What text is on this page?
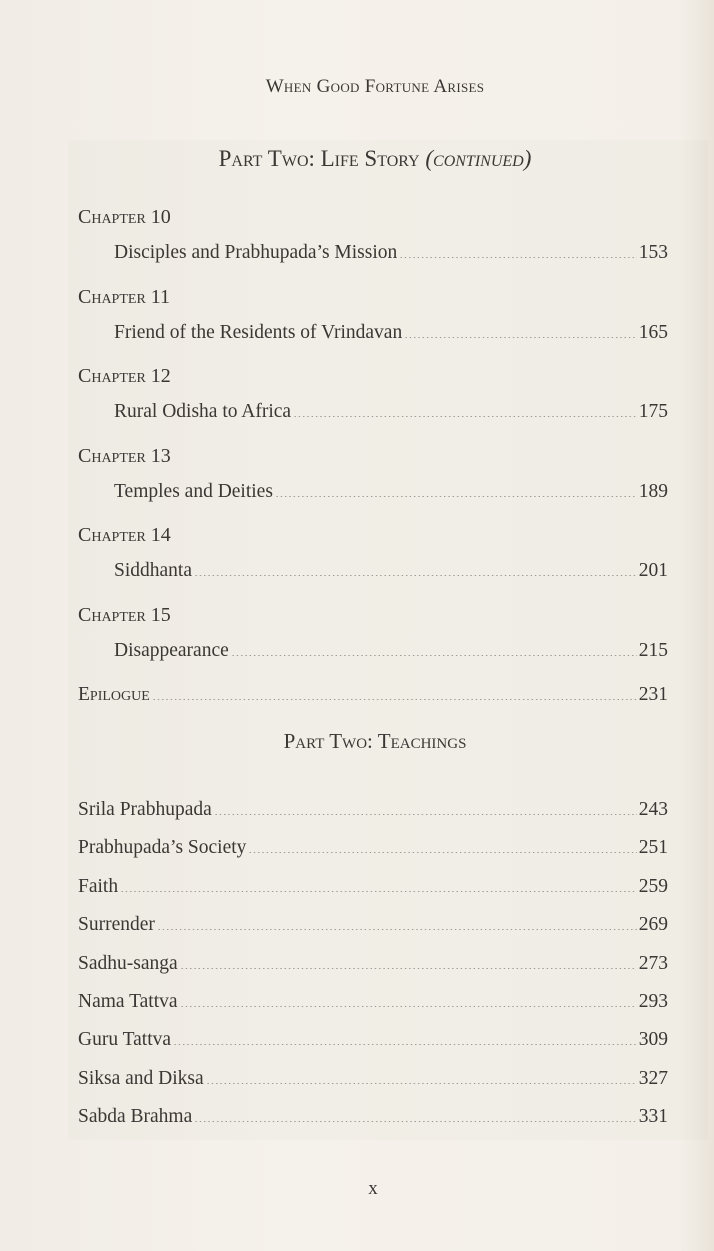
When Good Fortune Arises
Part Two: Life Story (continued)
Chapter 10
Disciples and Prabhupada’s Mission	153
Chapter 11
Friend of the Residents of Vrindavan	165
Chapter 12
Rural Odisha to Africa	175
Chapter 13
Temples and Deities	189
Chapter 14
Siddhanta	201
Chapter 15
Disappearance	215
Epilogue	231
Part Two: Teachings
Srila Prabhupada	243
Prabhupada’s Society	251
Faith	259
Surrender	269
Sadhu-sanga	273
Nama Tattva	293
Guru Tattva	309
Siksa and Diksa	327
Sabda Brahma	331
x
